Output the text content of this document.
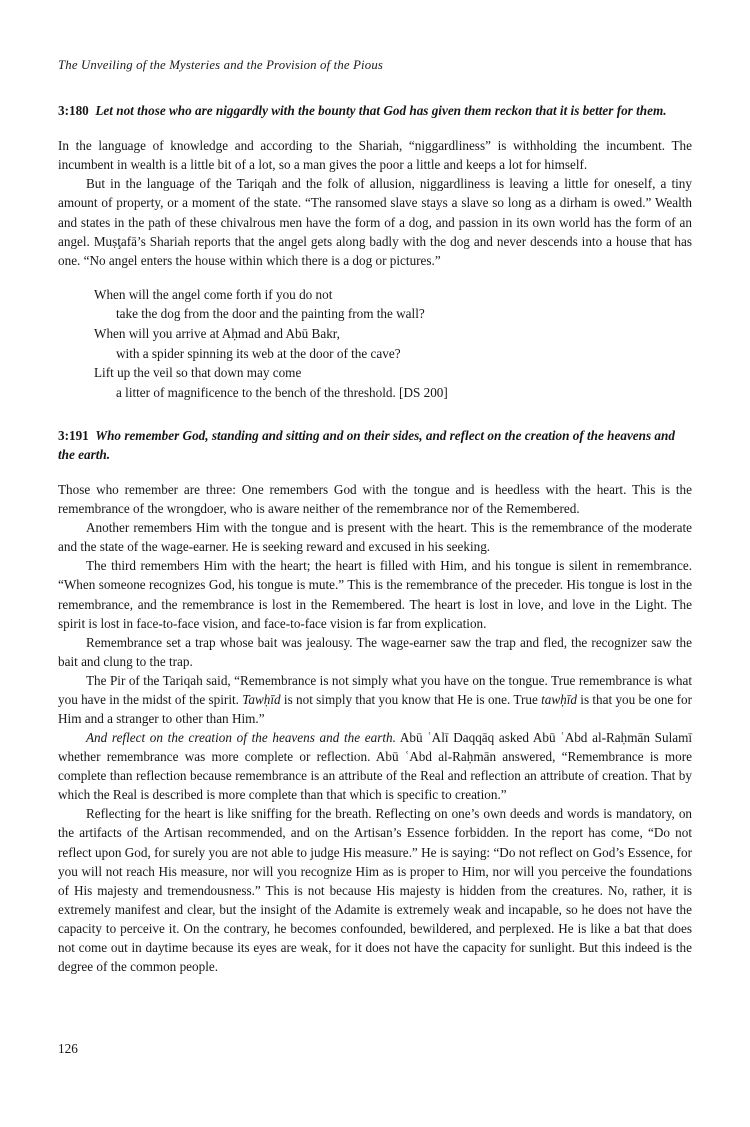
The Unveiling of the Mysteries and the Provision of the Pious
3:180 Let not those who are niggardly with the bounty that God has given them reckon that it is better for them.

In the language of knowledge and according to the Shariah, “niggardliness” is withholding the incumbent. The incumbent in wealth is a little bit of a lot, so a man gives the poor a little and keeps a lot for himself.

But in the language of the Tariqah and the folk of allusion, niggardliness is leaving a little for oneself, a tiny amount of property, or a moment of the state. “The ransomed slave stays a slave so long as a dirham is owed.” Wealth and states in the path of these chivalrous men have the form of a dog, and passion in its own world has the form of an angel. Muṣţafā’s Shariah reports that the angel gets along badly with the dog and never descends into a house that has one. “No angel enters the house within which there is a dog or pictures.”

When will the angel come forth if you do not
take the dog from the door and the painting from the wall?
When will you arrive at Aḥmad and Abū Bakr,
with a spider spinning its web at the door of the cave?
Lift up the veil so that down may come
a litter of magnificence to the bench of the threshold. [DS 200]
3:191 Who remember God, standing and sitting and on their sides, and reflect on the creation of the heavens and the earth.

Those who remember are three: One remembers God with the tongue and is heedless with the heart. This is the remembrance of the wrongdoer, who is aware neither of the remembrance nor of the Remembered.

Another remembers Him with the tongue and is present with the heart. This is the remembrance of the moderate and the state of the wage-earner. He is seeking reward and excused in his seeking.

The third remembers Him with the heart; the heart is filled with Him, and his tongue is silent in remembrance. “When someone recognizes God, his tongue is mute.” This is the remembrance of the preceder. His tongue is lost in the remembrance, and the remembrance is lost in the Remembered. The heart is lost in love, and love in the Light. The spirit is lost in face-to-face vision, and face-to-face vision is far from explication.

Remembrance set a trap whose bait was jealousy. The wage-earner saw the trap and fled, the recognizer saw the bait and clung to the trap.

The Pir of the Tariqah said, “Remembrance is not simply what you have on the tongue. True remembrance is what you have in the midst of the spirit. Tawḥīd is not simply that you know that He is one. True tawḥīd is that you be one for Him and a stranger to other than Him.”

And reflect on the creation of the heavens and the earth. Abū ʿAlī Daqqāq asked Abū ʿAbd al-Raḥmān Sulamī whether remembrance was more complete or reflection. Abū ʿAbd al-Raḥmān answered, “Remembrance is more complete than reflection because remembrance is an attribute of the Real and reflection an attribute of creation. That by which the Real is described is more complete than that which is specific to creation.”

Reflecting for the heart is like sniffing for the breath. Reflecting on one’s own deeds and words is mandatory, on the artifacts of the Artisan recommended, and on the Artisan’s Essence forbidden. In the report has come, “Do not reflect upon God, for surely you are not able to judge His measure.” He is saying: “Do not reflect on God’s Essence, for you will not reach His measure, nor will you recognize Him as is proper to Him, nor will you perceive the foundations of His majesty and tremendousness.” This is not because His majesty is hidden from the creatures. No, rather, it is extremely manifest and clear, but the insight of the Adamite is extremely weak and incapable, so he does not have the capacity to perceive it. On the contrary, he becomes confounded, bewildered, and perplexed. He is like a bat that does not come out in daytime because its eyes are weak, for it does not have the capacity for sunlight. But this indeed is the degree of the common people.

126
